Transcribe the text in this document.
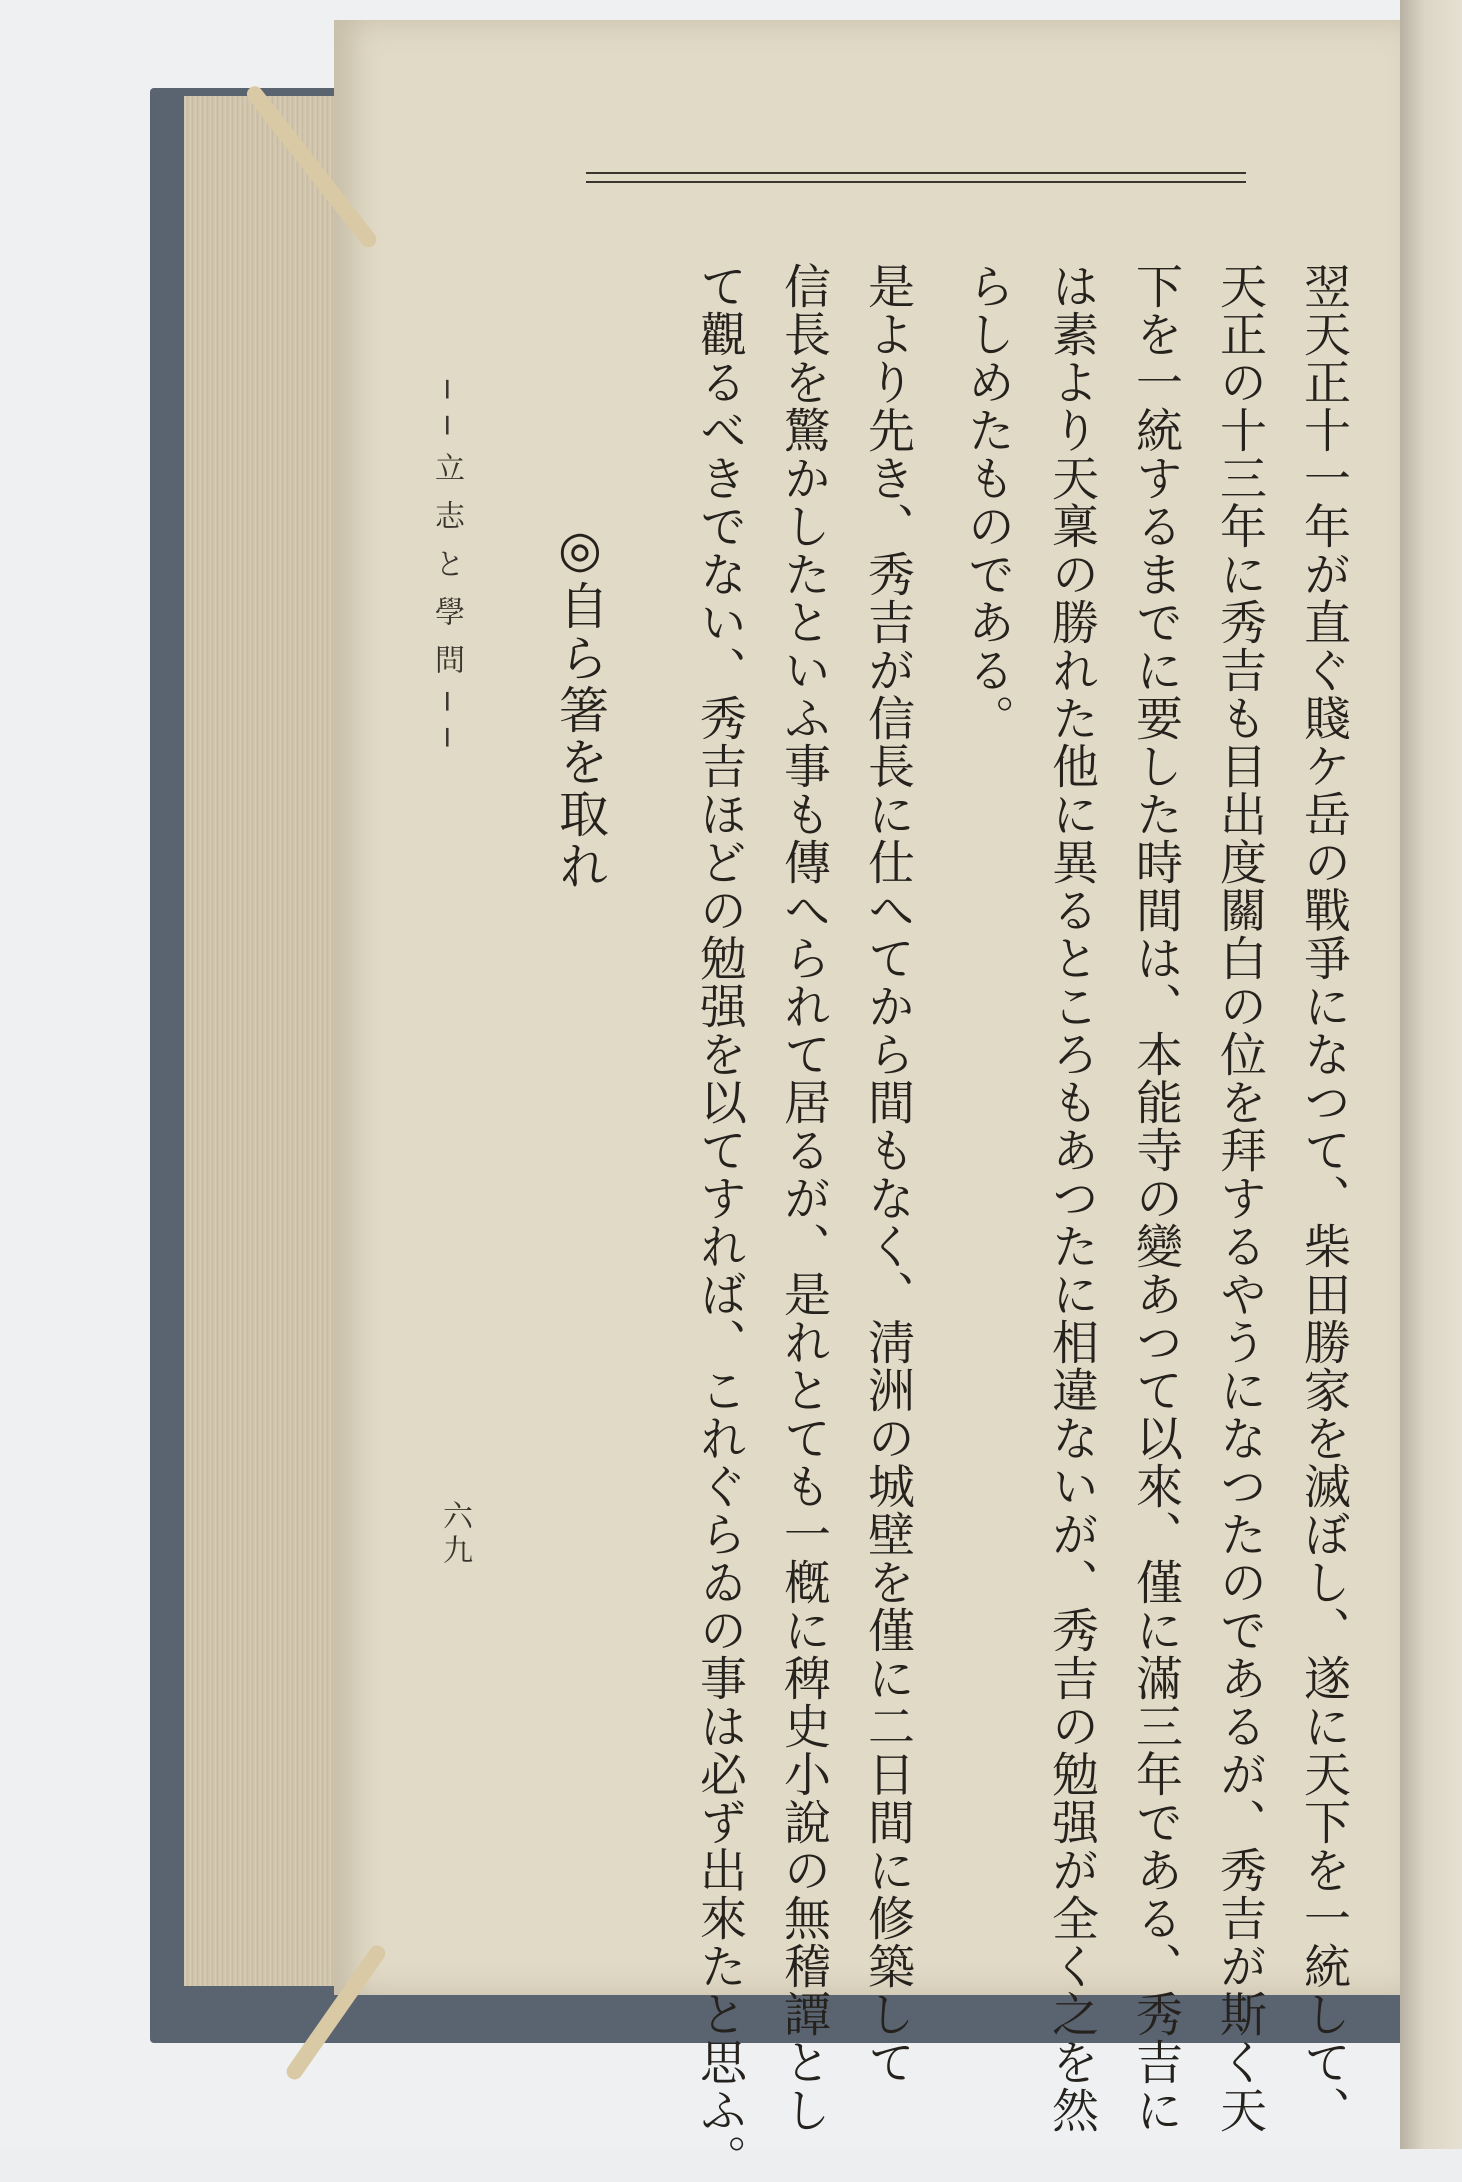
翌天正十一年が直ぐ賤ケ岳の戰爭になつて、柴田勝家を滅ぼし、遂に天下を一統して、
天正の十三年に秀吉も目出度關白の位を拜するやうになつたのであるが、秀吉が斯く天
下を一統するまでに要した時間は、本能寺の變あつて以來、僅に滿三年である、秀吉に
は素より天稟の勝れた他に異るところもあつたに相違ないが、秀吉の勉强が全く之を然
らしめたものである。
是より先き、秀吉が信長に仕へてから間もなく、淸洲の城壁を僅に二日間に修築して
信長を驚かしたといふ事も傳へられて居るが、是れとても一槪に稗史小說の無稽譚とし
て觀るべきでない、秀吉ほどの勉强を以てすれば、これぐらゐの事は必ず出來たと思ふ。
◎自ら箸を取れ
──立志と學問──
六九
